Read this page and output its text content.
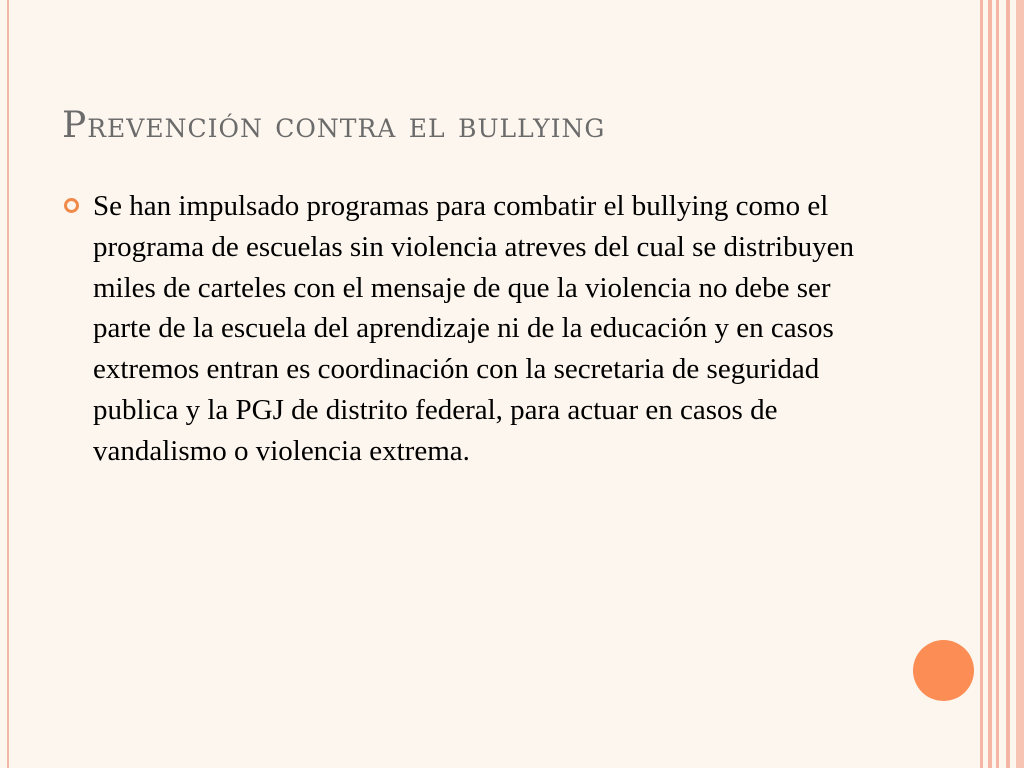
Prevención contra el bullying

Se han impulsado programas para combatir el bullying como el programa de escuelas sin violencia atreves del cual se distribuyen miles de carteles con el mensaje de que la violencia no debe ser parte de la escuela del aprendizaje ni de la educación y en casos extremos entran es coordinación con la secretaria de seguridad publica y la PGJ de distrito federal, para actuar en casos de vandalismo o violencia extrema.
